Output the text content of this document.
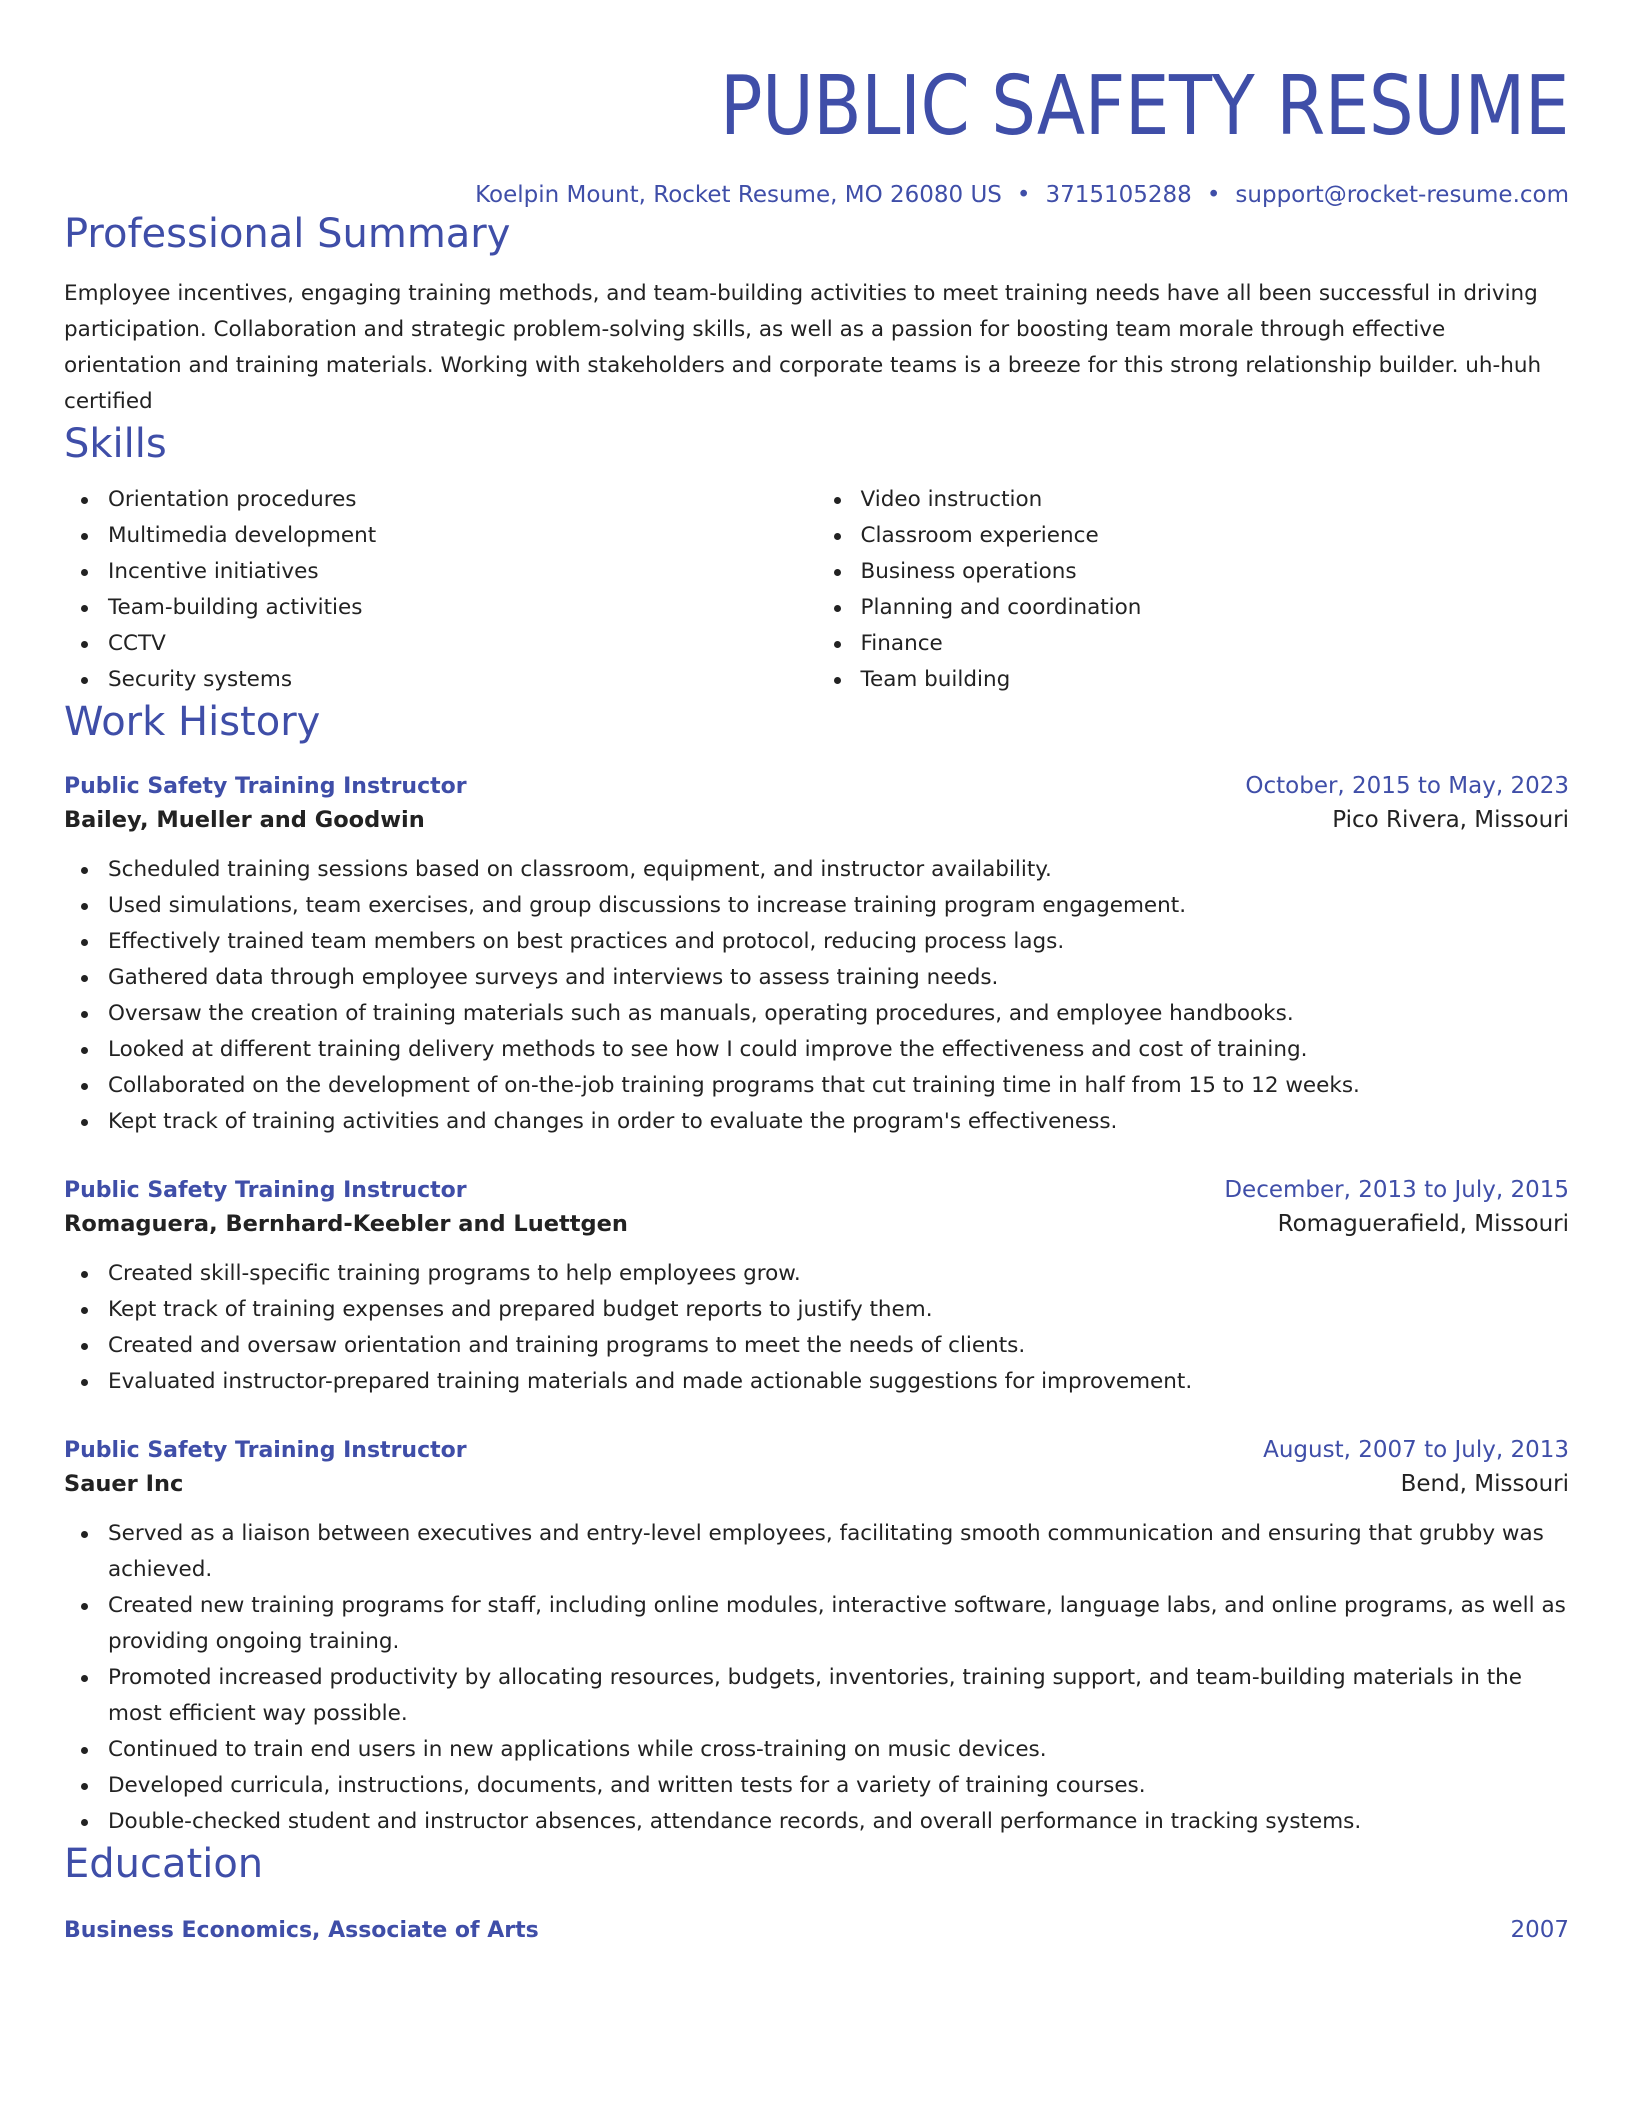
PUBLIC SAFETY RESUME
Koelpin Mount, Rocket Resume, MO 26080 US • 3715105288 • support@rocket-resume.com
Professional Summary

Employee incentives, engaging training methods, and team-building activities to meet training needs have all been successful in driving participation. Collaboration and strategic problem-solving skills, as well as a passion for boosting team morale through effective orientation and training materials. Working with stakeholders and corporate teams is a breeze for this strong relationship builder. uh-huh certified

Skills
Orientation procedures
Multimedia development
Incentive initiatives
Team-building activities
CCTV
Security systems
Video instruction
Classroom experience
Business operations
Planning and coordination
Finance
Team building
Work History
Public Safety Training Instructor	October, 2015 to May, 2023
Bailey, Mueller and Goodwin	Pico Rivera, Missouri
Scheduled training sessions based on classroom, equipment, and instructor availability.
Used simulations, team exercises, and group discussions to increase training program engagement.
Effectively trained team members on best practices and protocol, reducing process lags.
Gathered data through employee surveys and interviews to assess training needs.
Oversaw the creation of training materials such as manuals, operating procedures, and employee handbooks.
Looked at different training delivery methods to see how I could improve the effectiveness and cost of training.
Collaborated on the development of on-the-job training programs that cut training time in half from 15 to 12 weeks.
Kept track of training activities and changes in order to evaluate the program's effectiveness.
Public Safety Training Instructor	December, 2013 to July, 2015
Romaguera, Bernhard-Keebler and Luettgen	Romaguerafield, Missouri
Created skill-specific training programs to help employees grow.
Kept track of training expenses and prepared budget reports to justify them.
Created and oversaw orientation and training programs to meet the needs of clients.
Evaluated instructor-prepared training materials and made actionable suggestions for improvement.
Public Safety Training Instructor	August, 2007 to July, 2013
Sauer Inc	Bend, Missouri
Served as a liaison between executives and entry-level employees, facilitating smooth communication and ensuring that grubby was achieved.
Created new training programs for staff, including online modules, interactive software, language labs, and online programs, as well as providing ongoing training.
Promoted increased productivity by allocating resources, budgets, inventories, training support, and team-building materials in the most efficient way possible.
Continued to train end users in new applications while cross-training on music devices.
Developed curricula, instructions, documents, and written tests for a variety of training courses.
Double-checked student and instructor absences, attendance records, and overall performance in tracking systems.
Education
Business Economics, Associate of Arts	2007
